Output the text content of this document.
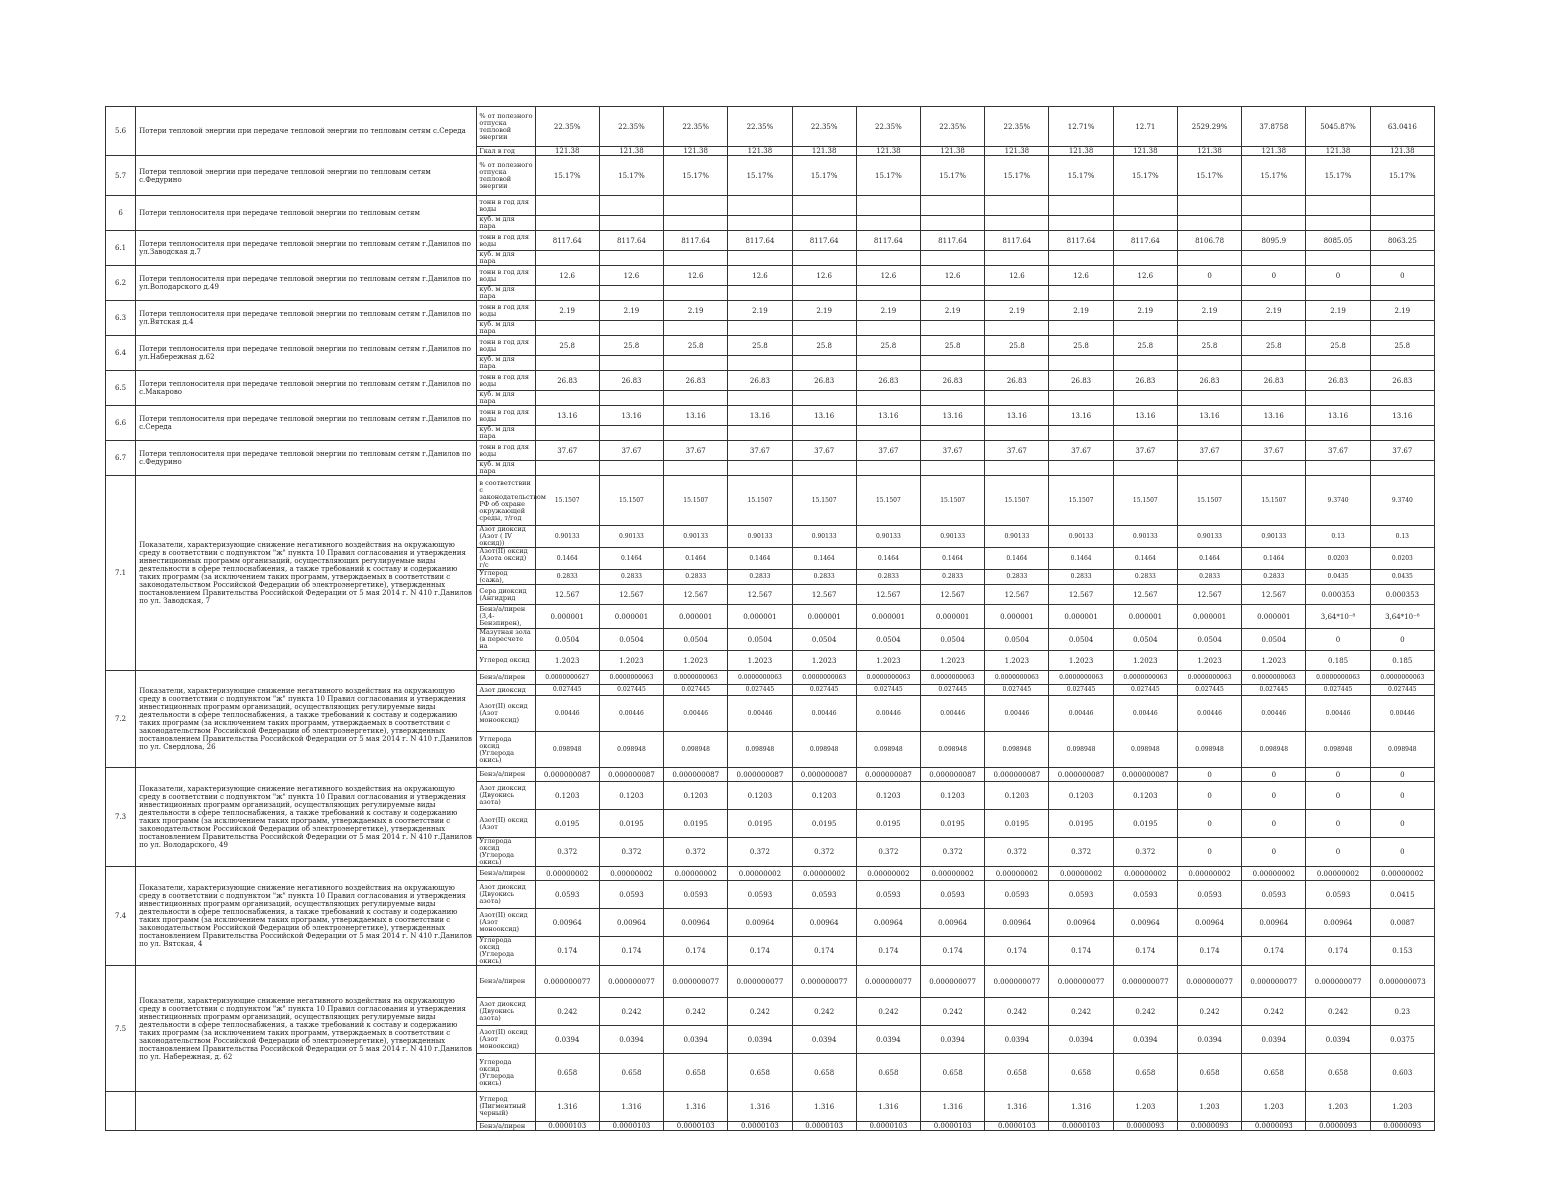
5.6	Потери тепловой энергии при передаче тепловой энергии по тепловым сетям с.Середа	% от полезного отпуска тепловой энергии	22.35%	22.35%	22.35%	22.35%	22.35%	22.35%	22.35%	22.35%	12.71%	12.71	2529.29%	37.8758	5045.87%	63.0416
		Гкал в год	121.38	121.38	121.38	121.38	121.38	121.38	121.38	121.38	121.38	121.38	121.38	121.38	121.38	121.38
5.7	Потери тепловой энергии при передаче тепловой энергии по тепловым сетям с.Федурино	% от полезного отпуска тепловой энергии	15.17%	15.17%	15.17%	15.17%	15.17%	15.17%	15.17%	15.17%	15.17%	15.17%	15.17%	15.17%	15.17%	15.17%
6	Потери теплоносителя при передаче тепловой энергии по тепловым сетям	тонн в год для воды														
		куб. м для пара														
6.1	Потери теплоносителя при передаче тепловой энергии по тепловым сетям г.Данилов по ул.Заводская д.7	тонн в год для воды	8117.64	8117.64	8117.64	8117.64	8117.64	8117.64	8117.64	8117.64	8117.64	8117.64	8106.78	8095.9	8085.05	8063.25
		куб. м для пара														
6.2	Потери теплоносителя при передаче тепловой энергии по тепловым сетям г.Данилов по ул.Володарского д.49	тонн в год для воды	12.6	12.6	12.6	12.6	12.6	12.6	12.6	12.6	12.6	12.6	0	0	0	0
		куб. м для пара														
6.3	Потери теплоносителя при передаче тепловой энергии по тепловым сетям г.Данилов по ул.Вятская д.4	тонн в год для воды	2.19	2.19	2.19	2.19	2.19	2.19	2.19	2.19	2.19	2.19	2.19	2.19	2.19	2.19
		куб. м для пара														
6.4	Потери теплоносителя при передаче тепловой энергии по тепловым сетям г.Данилов по ул.Набережная д.62	тонн в год для воды	25.8	25.8	25.8	25.8	25.8	25.8	25.8	25.8	25.8	25.8	25.8	25.8	25.8	25.8
		куб. м для пара														
6.5	Потери теплоносителя при передаче тепловой энергии по тепловым сетям г.Данилов по с.Макарово	тонн в год для воды	26.83	26.83	26.83	26.83	26.83	26.83	26.83	26.83	26.83	26.83	26.83	26.83	26.83	26.83
		куб. м для пара														
6.6	Потери теплоносителя при передаче тепловой энергии по тепловым сетям г.Данилов по с.Середа	тонн в год для воды	13.16	13.16	13.16	13.16	13.16	13.16	13.16	13.16	13.16	13.16	13.16	13.16	13.16	13.16
		куб. м для пара														
6.7	Потери теплоносителя при передаче тепловой энергии по тепловым сетям г.Данилов по с.Федурино	тонн в год для воды	37.67	37.67	37.67	37.67	37.67	37.67	37.67	37.67	37.67	37.67	37.67	37.67	37.67	37.67
		куб. м для пара														
7.1	Показатели, характеризующие снижение негативного воздействия на окружающую среду в соответствии с подпунктом "ж" пункта 10 Правил согласования и утверждения инвестиционных программ организаций, осуществляющих регулируемые виды деятельности в сфере теплоснабжения, а также требований к составу и содержанию таких программ (за исключением таких программ, утверждаемых в соответствии с законодательством Российской Федерации об электроэнергетике), утвержденных постановлением Правительства Российской Федерации от 5 мая 2014 г. N 410 г.Данилов по ул. Заводская, 7	в соответствии с законодательством РФ об охране окружающей среды, т/год	15.1507	15.1507	15.1507	15.1507	15.1507	15.1507	15.1507	15.1507	15.1507	15.1507	15.1507	15.1507	9.3740	9.3740
		Азот диоксид (Азот ( IV оксид))	0.90133	0.90133	0.90133	0.90133	0.90133	0.90133	0.90133	0.90133	0.90133	0.90133	0.90133	0.90133	0.13	0.13
		Азот(II) оксид (Азота оксид) г/с	0.1464	0.1464	0.1464	0.1464	0.1464	0.1464	0.1464	0.1464	0.1464	0.1464	0.1464	0.1464	0.0203	0.0203
		Углерод (сажа),	0.2833	0.2833	0.2833	0.2833	0.2833	0.2833	0.2833	0.2833	0.2833	0.2833	0.2833	0.2833	0.0435	0.0435
		Сера диоксид (Ангидрид	12.567	12.567	12.567	12.567	12.567	12.567	12.567	12.567	12.567	12.567	12.567	12.567	0.000353	0.000353
		Бенз/а/пирен (3,4-Бензпирен),	0.000001	0.000001	0.000001	0.000001	0.000001	0.000001	0.000001	0.000001	0.000001	0.000001	0.000001	0.000001	3,64*10⁻⁸	3,64*10⁻⁸
		Мазутная зола (в пересчете на	0.0504	0.0504	0.0504	0.0504	0.0504	0.0504	0.0504	0.0504	0.0504	0.0504	0.0504	0.0504	0	0
		Углерод оксид	1.2023	1.2023	1.2023	1.2023	1.2023	1.2023	1.2023	1.2023	1.2023	1.2023	1.2023	1.2023	0.185	0.185
7.2	Показатели, характеризующие снижение негативного воздействия на окружающую среду в соответствии с подпунктом "ж" пункта 10 Правил согласования и утверждения инвестиционных программ организаций, осуществляющих регулируемые виды деятельности в сфере теплоснабжения, а также требований к составу и содержанию таких программ (за исключением таких программ, утверждаемых в соответствии с законодательством Российской Федерации об электроэнергетике), утвержденных постановлением Правительства Российской Федерации от 5 мая 2014 г. N 410 г.Данилов по ул. Свердлова, 26	Бенз/а/пирен	0.0000000627	0.0000000063	0.0000000063	0.0000000063	0.0000000063	0.0000000063	0.0000000063	0.0000000063	0.0000000063	0.0000000063	0.0000000063	0.0000000063	0.0000000063	0.0000000063
		Азот диоксид	0.027445	0.027445	0.027445	0.027445	0.027445	0.027445	0.027445	0.027445	0.027445	0.027445	0.027445	0.027445	0.027445	0.027445
		Азот(II) оксид (Азот монооксид)	0.00446	0.00446	0.00446	0.00446	0.00446	0.00446	0.00446	0.00446	0.00446	0.00446	0.00446	0.00446	0.00446	0.00446
		Углерода оксид (Углерода окись)	0.098948	0.098948	0.098948	0.098948	0.098948	0.098948	0.098948	0.098948	0.098948	0.098948	0.098948	0.098948	0.098948	0.098948
7.3	Показатели, характеризующие снижение негативного воздействия на окружающую среду в соответствии с подпунктом "ж" пункта 10 Правил согласования и утверждения инвестиционных программ организаций, осуществляющих регулируемые виды деятельности в сфере теплоснабжения, а также требований к составу и содержанию таких программ (за исключением таких программ, утверждаемых в соответствии с законодательством Российской Федерации об электроэнергетике), утвержденных постановлением Правительства Российской Федерации от 5 мая 2014 г. N 410 г.Данилов по ул. Володарского, 49	Бенз/а/пирен	0.000000087	0.000000087	0.000000087	0.000000087	0.000000087	0.000000087	0.000000087	0.000000087	0.000000087	0.000000087	0	0	0	0
		Азот диоксид (Двуокись азота)	0.1203	0.1203	0.1203	0.1203	0.1203	0.1203	0.1203	0.1203	0.1203	0.1203	0	0	0	0
		Азот(II) оксид (Азот	0.0195	0.0195	0.0195	0.0195	0.0195	0.0195	0.0195	0.0195	0.0195	0.0195	0	0	0	0
		Углерода оксид (Углерода окись)	0.372	0.372	0.372	0.372	0.372	0.372	0.372	0.372	0.372	0.372	0	0	0	0
7.4	Показатели, характеризующие снижение негативного воздействия на окружающую среду в соответствии с подпунктом "ж" пункта 10 Правил согласования и утверждения инвестиционных программ организаций, осуществляющих регулируемые виды деятельности в сфере теплоснабжения, а также требований к составу и содержанию таких программ (за исключением таких программ, утверждаемых в соответствии с законодательством Российской Федерации об электроэнергетике), утвержденных постановлением Правительства Российской Федерации от 5 мая 2014 г. N 410 г.Данилов по ул. Вятская, 4	Бенз/а/пирен	0.00000002	0.00000002	0.00000002	0.00000002	0.00000002	0.00000002	0.00000002	0.00000002	0.00000002	0.00000002	0.00000002	0.00000002	0.00000002	0.00000002
		Азот диоксид (Двуокись азота)	0.0593	0.0593	0.0593	0.0593	0.0593	0.0593	0.0593	0.0593	0.0593	0.0593	0.0593	0.0593	0.0593	0.0415
		Азот(II) оксид (Азот монооксид)	0.00964	0.00964	0.00964	0.00964	0.00964	0.00964	0.00964	0.00964	0.00964	0.00964	0.00964	0.00964	0.00964	0.0087
		Углерода оксид (Углерода окись)	0.174	0.174	0.174	0.174	0.174	0.174	0.174	0.174	0.174	0.174	0.174	0.174	0.174	0.153
7.5	Показатели, характеризующие снижение негативного воздействия на окружающую среду в соответствии с подпунктом "ж" пункта 10 Правил согласования и утверждения инвестиционных программ организаций, осуществляющих регулируемые виды деятельности в сфере теплоснабжения, а также требований к составу и содержанию таких программ (за исключением таких программ, утверждаемых в соответствии с законодательством Российской Федерации об электроэнергетике), утвержденных постановлением Правительства Российской Федерации от 5 мая 2014 г. N 410 г.Данилов по ул. Набережная, д. 62	Бенз/а/пирен	0.000000077	0.000000077	0.000000077	0.000000077	0.000000077	0.000000077	0.000000077	0.000000077	0.000000077	0.000000077	0.000000077	0.000000077	0.000000077	0.000000073
		Азот диоксид (Двуокись азота)	0.242	0.242	0.242	0.242	0.242	0.242	0.242	0.242	0.242	0.242	0.242	0.242	0.242	0.23
		Азот(II) оксид (Азот монооксид)	0.0394	0.0394	0.0394	0.0394	0.0394	0.0394	0.0394	0.0394	0.0394	0.0394	0.0394	0.0394	0.0394	0.0375
		Углерода оксид (Углерода окись)	0.658	0.658	0.658	0.658	0.658	0.658	0.658	0.658	0.658	0.658	0.658	0.658	0.658	0.603
		Углерод (Пигментный черный)	1.316	1.316	1.316	1.316	1.316	1.316	1.316	1.316	1.316	1.203	1.203	1.203	1.203	1.203
		Бенз/а/пирен	0.0000103	0.0000103	0.0000103	0.0000103	0.0000103	0.0000103	0.0000103	0.0000103	0.0000103	0.0000093	0.0000093	0.0000093	0.0000093	0.0000093
